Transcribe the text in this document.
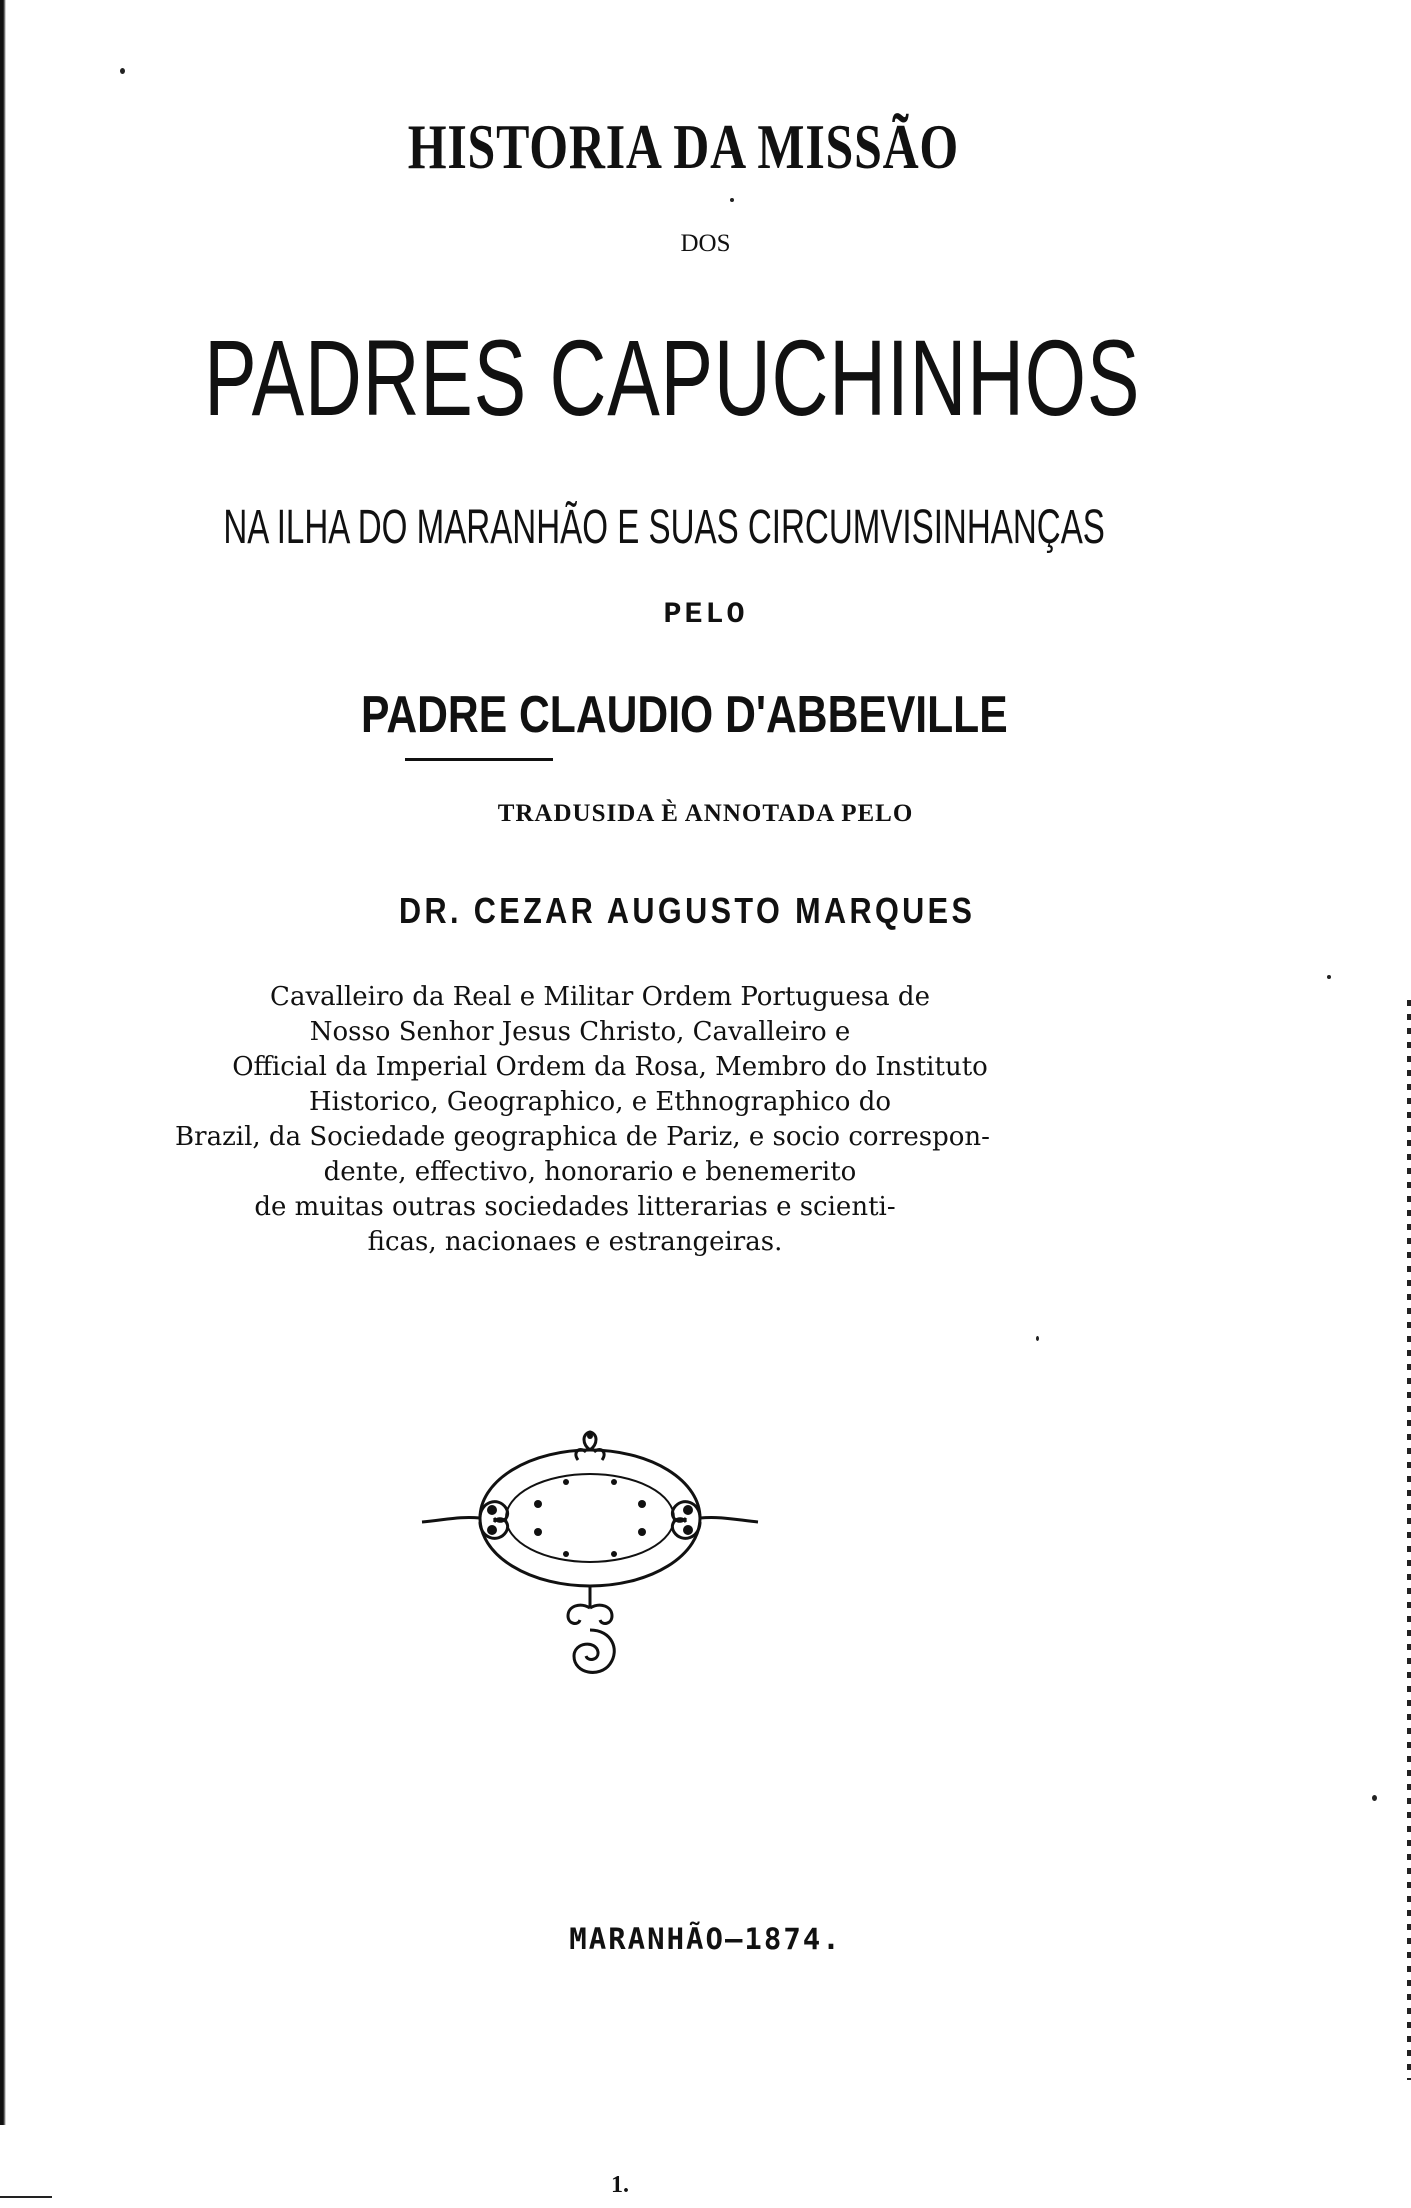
HISTORIA DA MISSÃO
DOS
PADRES CAPUCHINHOS
NA ILHA DO MARANHÃO E SUAS CIRCUMVISINHANÇAS
PELO
PADRE CLAUDIO D'ABBEVILLE
TRADUSIDA È ANNOTADA PELO
DR. CEZAR AUGUSTO MARQUES
Cavalleiro da Real e Militar Ordem Portuguesa de
Nosso Senhor Jesus Christo, Cavalleiro e
Official da Imperial Ordem da Rosa, Membro do Instituto
Historico, Geographico, e Ethnographico do
Brazil, da Sociedade geographica de Pariz, e socio correspon-
dente, effectivo, honorario e benemerito
de muitas outras sociedades litterarias e scienti-
ficas, nacionaes e estrangeiras.
MARANHÃO—1874.
1.
